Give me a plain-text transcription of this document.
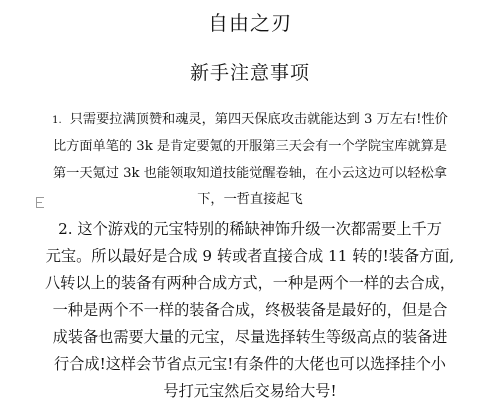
自由之刃
新手注意事项
1. 只需要拉满顶赞和魂灵，第四天保底攻击就能达到 3 万左右!性价
比方面单笔的 3k 是肯定要氪的开服第三天会有一个学院宝库就算是
第一天氪过 3k 也能领取知道技能觉醒卷轴，在小云这边可以轻松拿
下，一哲直接起飞
2. 这个游戏的元宝特别的稀缺神饰升级一次都需要上千万
元宝。所以最好是合成 9 转或者直接合成 11 转的!装备方面,
八转以上的装备有两种合成方式，一种是两个一样的去合成，
一种是两个不一样的装备合成，终极装备是最好的，但是合
成装备也需要大量的元宝，尽量选择转生等级高点的装备进
行合成!这样会节省点元宝!有条件的大佬也可以选择挂个小
号打元宝然后交易给大号!
